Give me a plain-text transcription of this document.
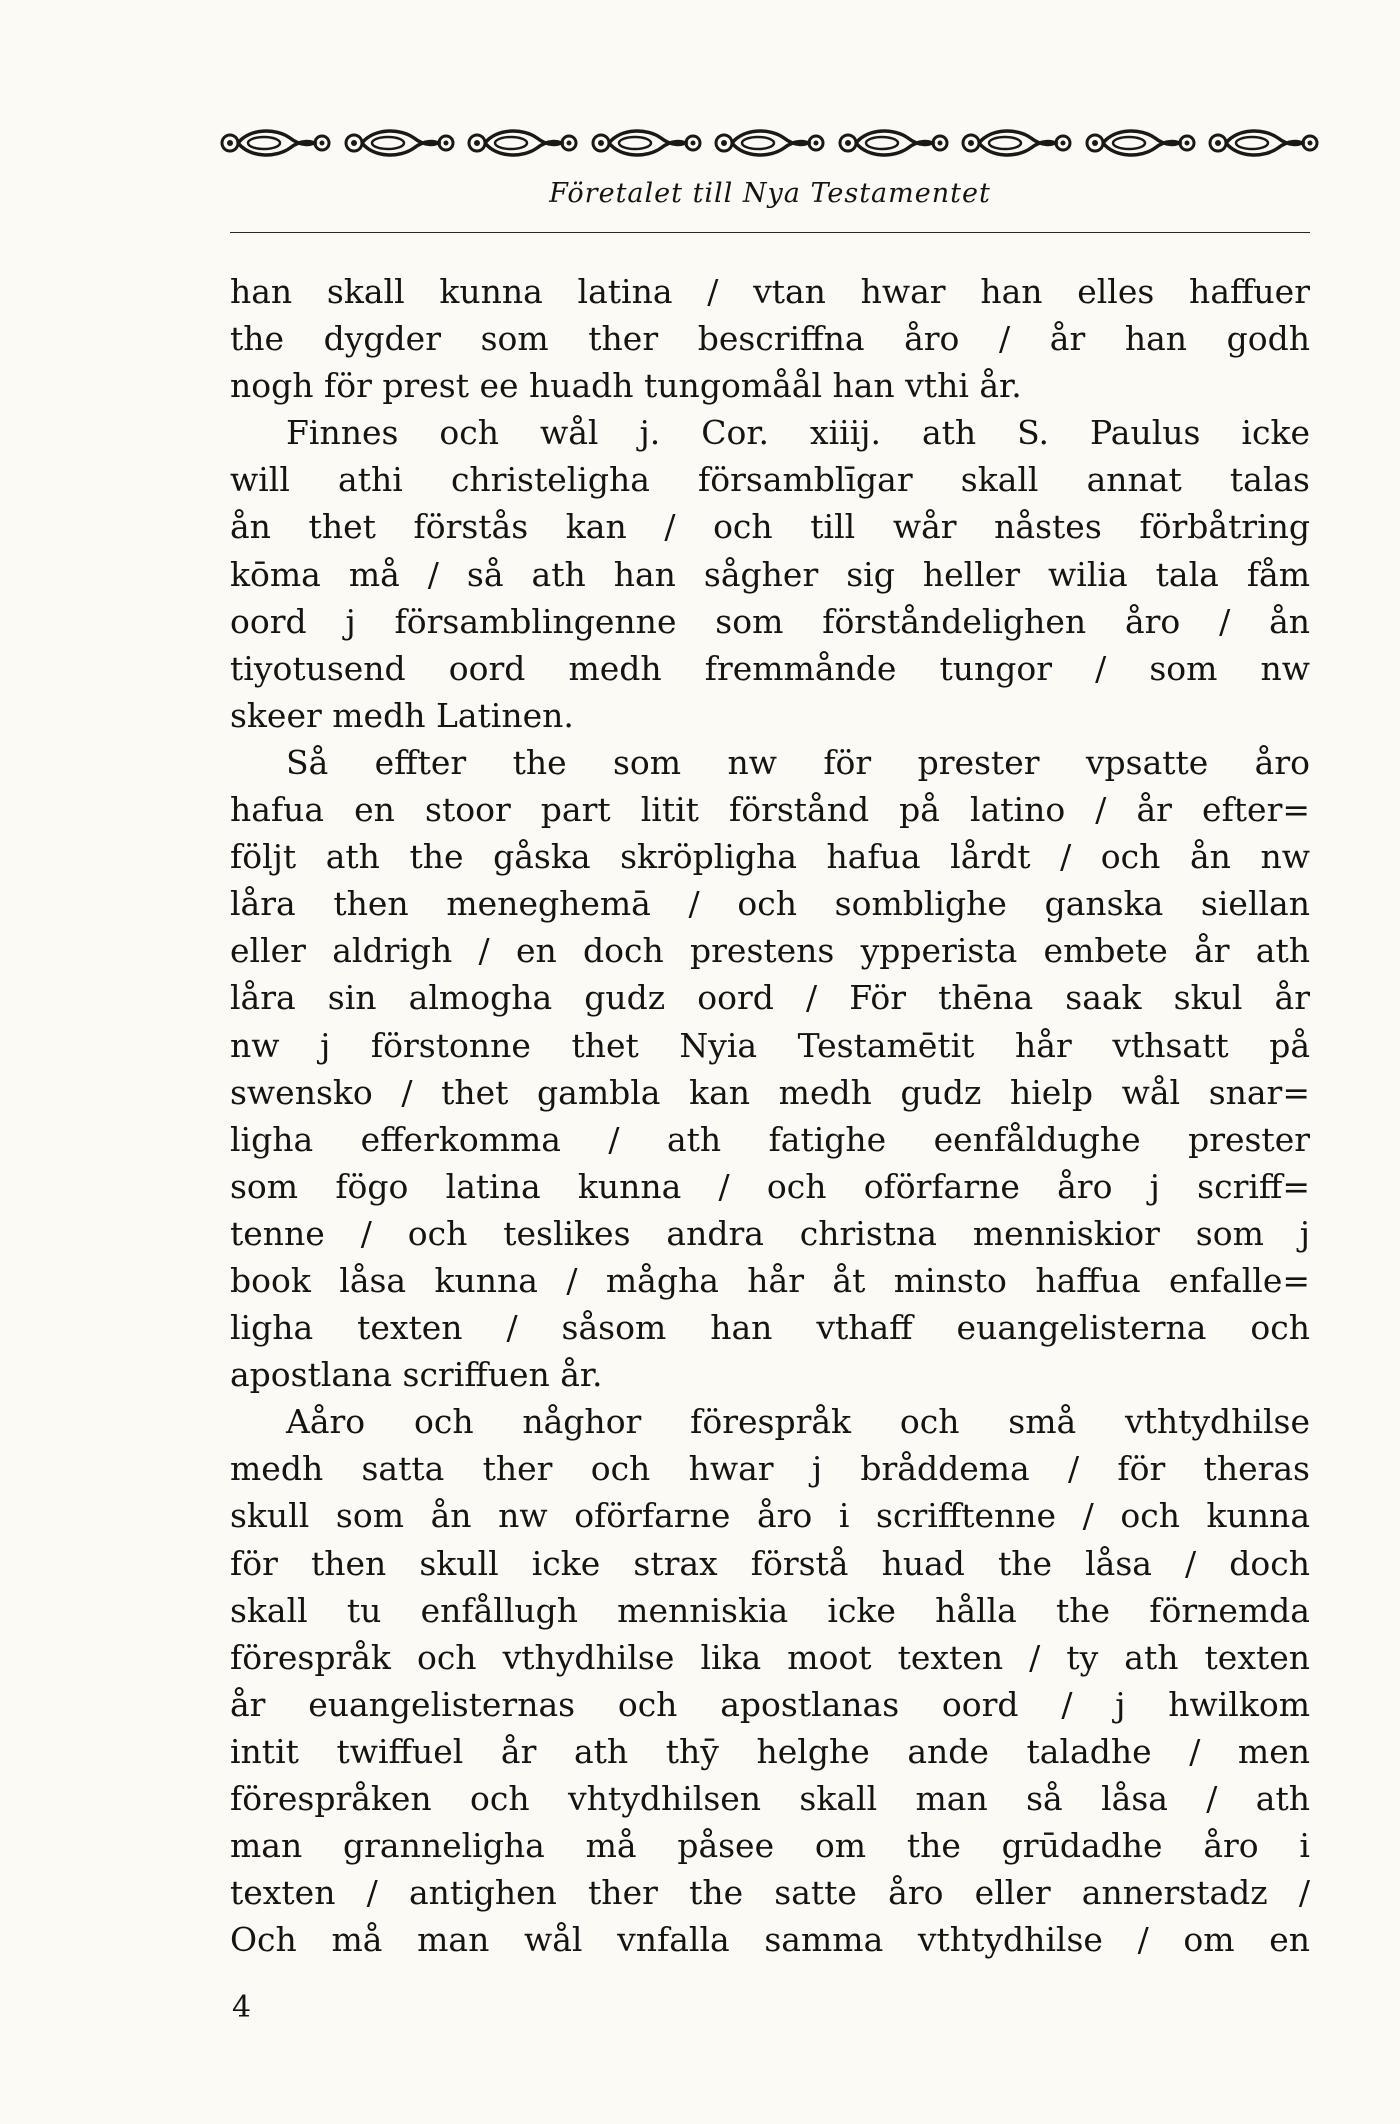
Företalet till Nya Testamentet
han skall kunna latina / vtan hwar han elles haffuer
the dygder som ther bescriffna åro / år han godh
nogh för prest ee huadh tungomåål han vthi år.
Finnes och wål j. Cor. xiiij. ath S. Paulus icke
will athi christeligha församblīgar skall annat talas
ån thet förstås kan / och till wår nåstes förbåtring
kōma må / så ath han sågher sig heller wilia tala fåm
oord j församblingenne som förståndelighen åro / ån
tiyotusend oord medh fremmånde tungor / som nw
skeer medh Latinen.
Så effter the som nw för prester vpsatte åro
hafua en stoor part litit förstånd på latino / år efter=
följt ath the gåska skröpligha hafua lårdt / och ån nw
låra then meneghemā / och somblighe ganska siellan
eller aldrigh / en doch prestens ypperista embete år ath
låra sin almogha gudz oord / För thēna saak skul år
nw j förstonne thet Nyia Testamētit hår vthsatt på
swensko / thet gambla kan medh gudz hielp wål snar=
ligha efferkomma / ath fatighe eenfåldughe prester
som fögo latina kunna / och oförfarne åro j scriff=
tenne / och teslikes andra christna menniskior som j
book låsa kunna / mågha hår åt minsto haffua enfalle=
ligha texten / såsom han vthaff euangelisterna och
apostlana scriffuen år.
Aåro och någhor förespråk och små vthtydhilse
medh satta ther och hwar j bråddema / för theras
skull som ån nw oförfarne åro i scrifftenne / och kunna
för then skull icke strax förstå huad the låsa / doch
skall tu enfållugh menniskia icke hålla the förnemda
förespråk och vthydhilse lika moot texten / ty ath texten
år euangelisternas och apostlanas oord / j hwilkom
intit twiffuel år ath thȳ helghe ande taladhe / men
förespråken och vhtydhilsen skall man så låsa / ath
man granneligha må påsee om the grūdadhe åro i
texten / antighen ther the satte åro eller annerstadz /
Och må man wål vnfalla samma vthtydhilse / om en
4
